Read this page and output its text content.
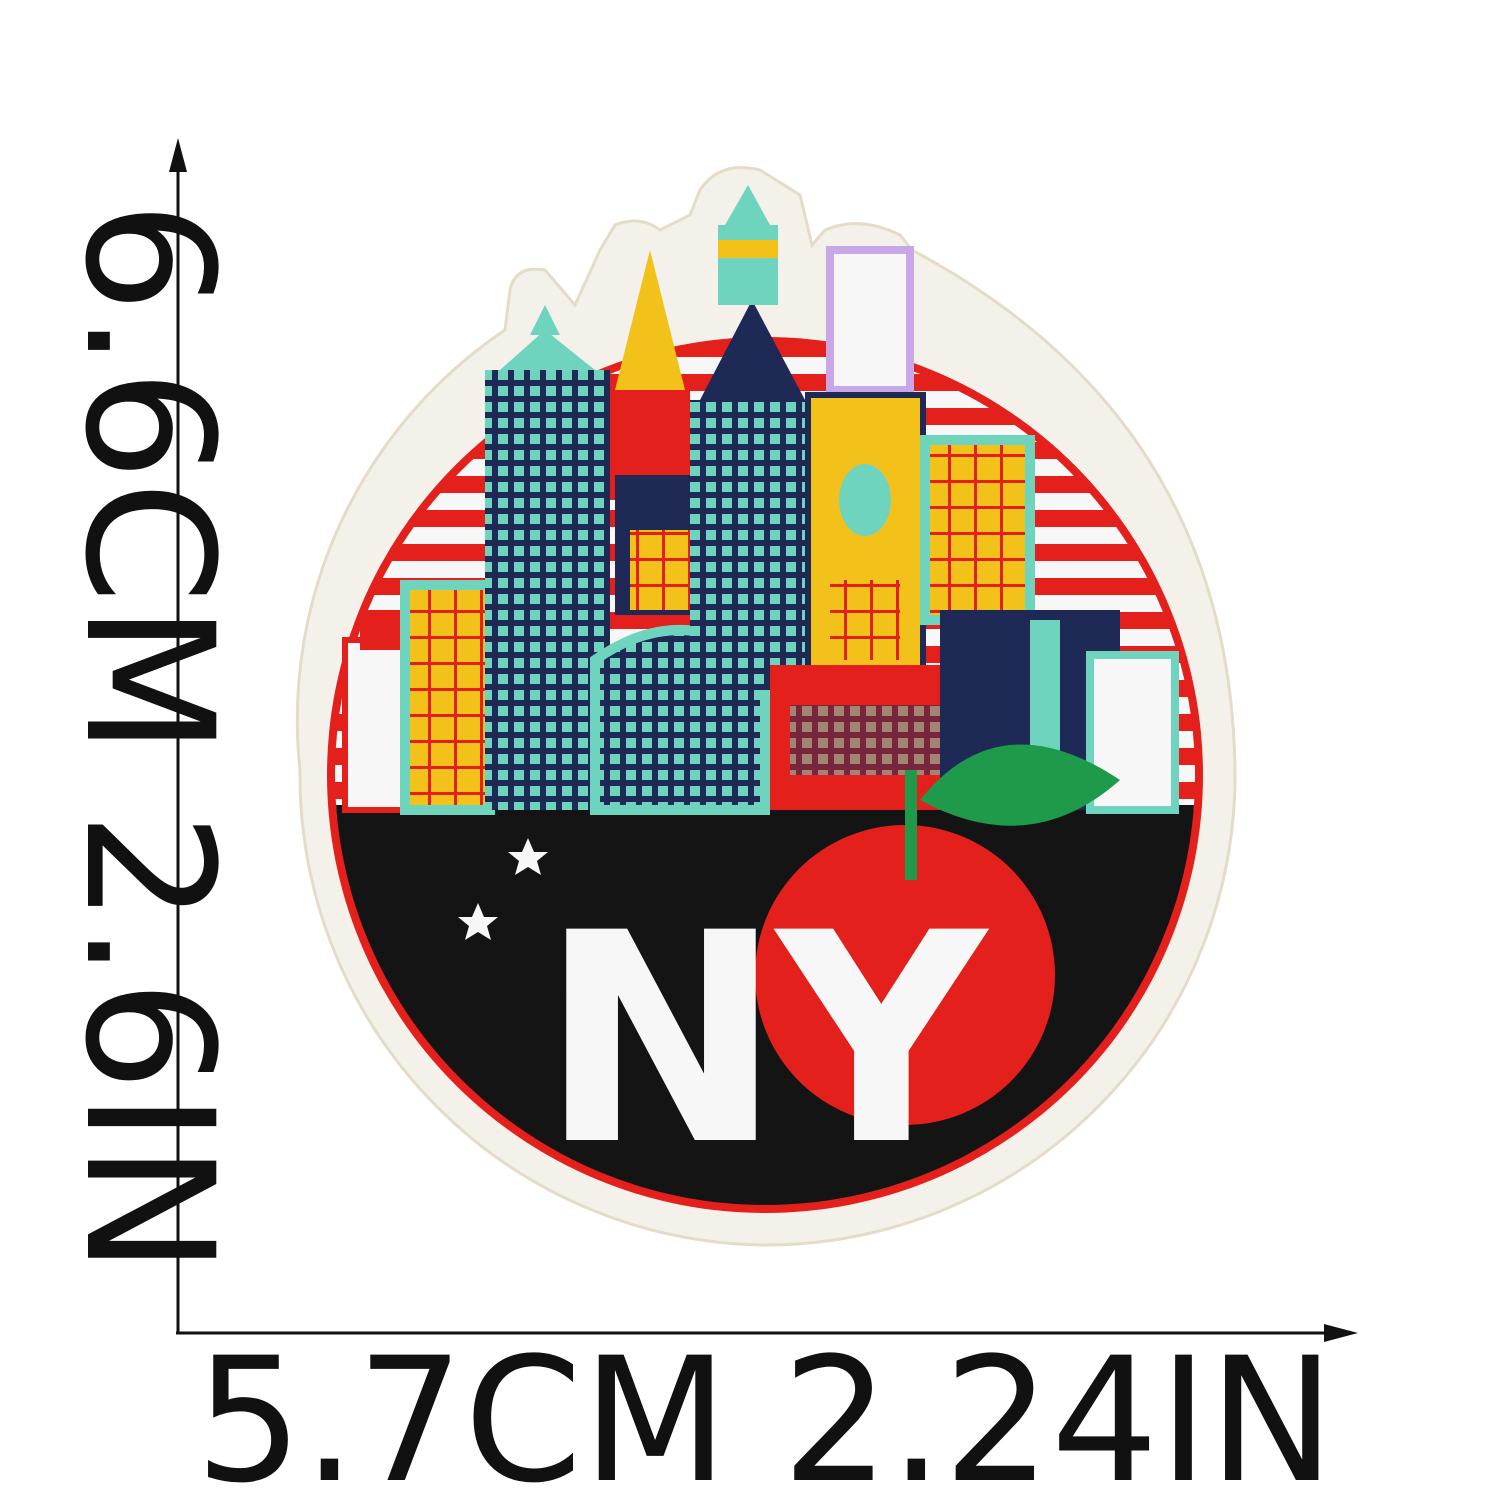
6.6CM 2.6IN
5.7CM 2.24IN
NY
